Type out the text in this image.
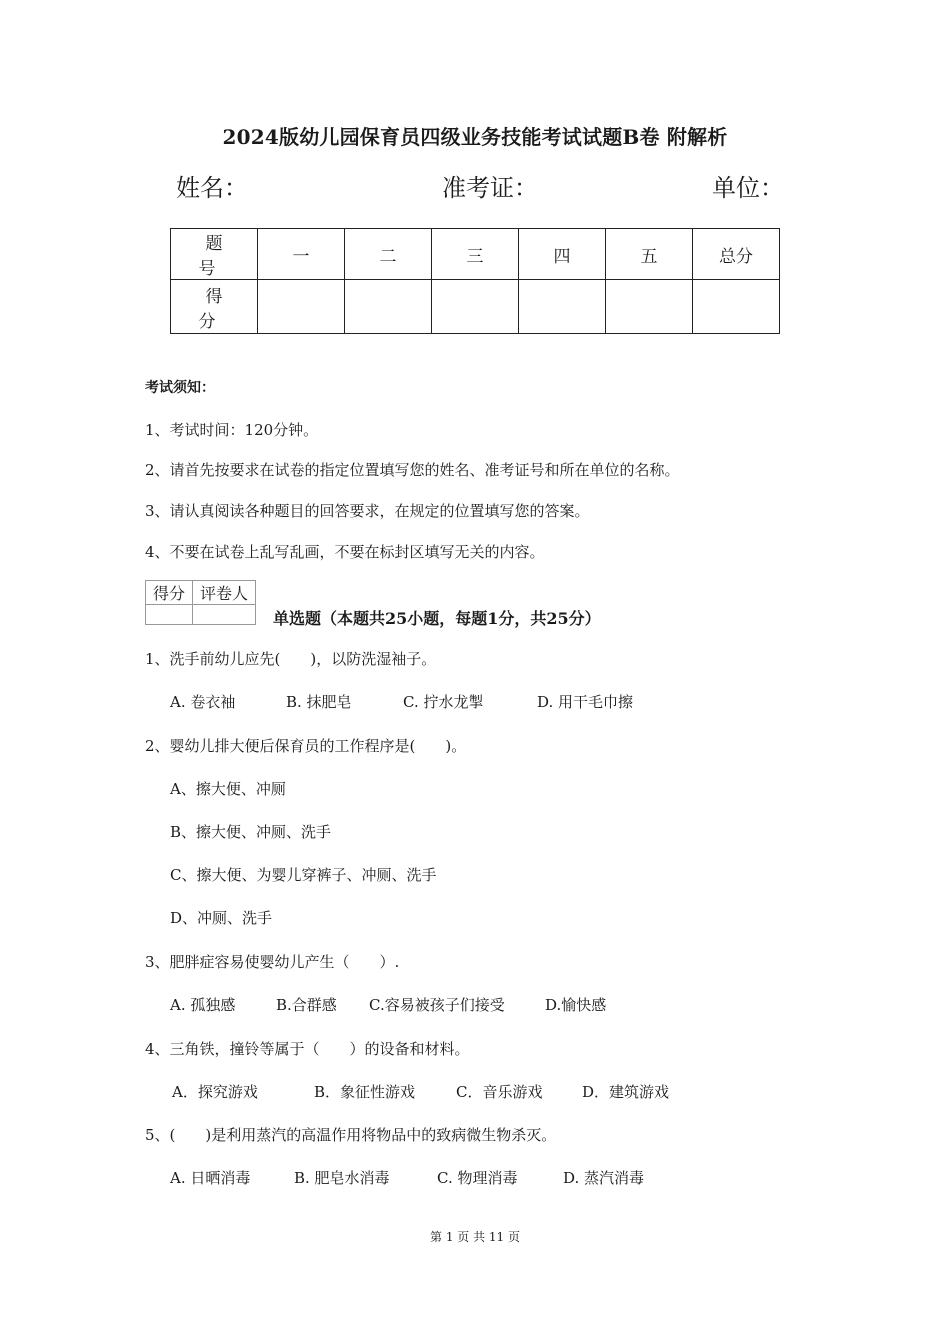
2024版幼儿园保育员四级业务技能考试试题B卷 附解析
姓名：	准考证：	单位：
题 号	一	二	三	四	五	总分
得 分						
考试须知：
1、考试时间：120分钟。
2、请首先按要求在试卷的指定位置填写您的姓名、准考证号和所在单位的名称。
3、请认真阅读各种题目的回答要求，在规定的位置填写您的答案。
4、不要在试卷上乱写乱画，不要在标封区填写无关的内容。
得分	评卷人

单选题（本题共25小题，每题1分，共25分）
1、洗手前幼儿应先(　　)，以防洗湿袖子。
A. 卷衣袖	B. 抹肥皂	C. 拧水龙掣	D. 用干毛巾擦
2、婴幼儿排大便后保育员的工作程序是(　　)。
A、擦大便、冲厕
B、擦大便、冲厕、洗手
C、擦大便、为婴儿穿裤子、冲厕、洗手
D、冲厕、洗手
3、肥胖症容易使婴幼儿产生（　　）.
A. 孤独感	B.合群感 C.容易被孩子们接受	D.愉快感
4、三角铁，撞铃等属于（　　）的设备和材料。
A．探究游戏	B．象征性游戏	C．音乐游戏	D．建筑游戏
5、(　　)是利用蒸汽的高温作用将物品中的致病微生物杀灭。
A. 日晒消毒	B. 肥皂水消毒	C. 物理消毒	D. 蒸汽消毒
第 1 页 共 11 页
